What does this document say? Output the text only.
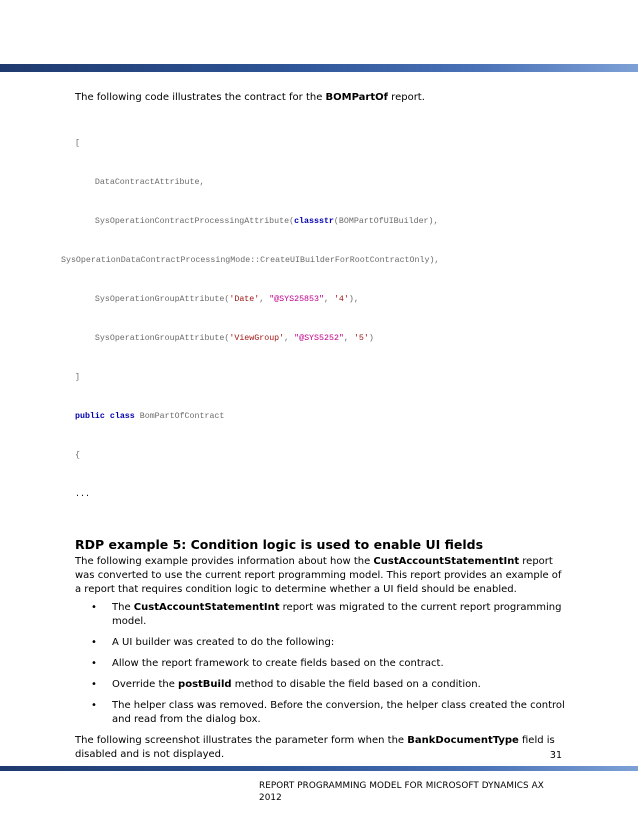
The following code illustrates the contract for the BOMPartOf report.

[

DataContractAttribute,

SysOperationContractProcessingAttribute(classstr(BOMPartOfUIBuilder),

SysOperationDataContractProcessingMode::CreateUIBuilderForRootContractOnly),

SysOperationGroupAttribute('Date', "@SYS25853", '4'),

SysOperationGroupAttribute('ViewGroup', "@SYS5252", '5')

]

public class BomPartOfContract

{

...

RDP example 5: Condition logic is used to enable UI fields

The following example provides information about how the CustAccountStatementInt report was converted to use the current report programming model. This report provides an example of a report that requires condition logic to determine whether a UI field should be enabled.

• The CustAccountStatementInt report was migrated to the current report programming model.
• A UI builder was created to do the following:
• Allow the report framework to create fields based on the contract.
• Override the postBuild method to disable the field based on a condition.
• The helper class was removed. Before the conversion, the helper class created the control and read from the dialog box.

The following screenshot illustrates the parameter form when the BankDocumentType field is disabled and is not displayed.	31
REPORT PROGRAMMING MODEL FOR MICROSOFT DYNAMICS AX 2012
